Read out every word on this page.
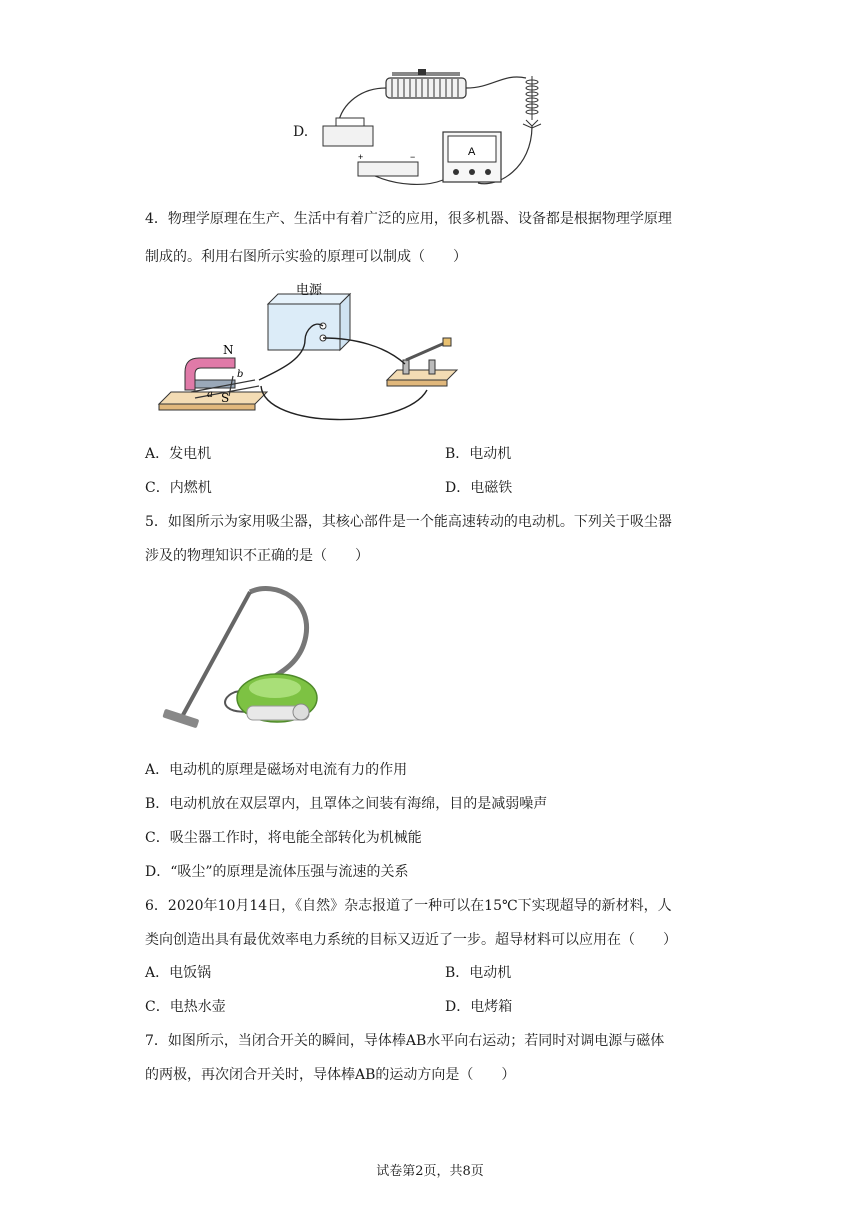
D.
+	−	A
4．物理学原理在生产、生活中有着广泛的应用，很多机器、设备都是根据物理学原理
制成的。利用右图所示实验的原理可以制成（　　）
电源
N
S
a
b
A．发电机	B．电动机
C．内燃机	D．电磁铁
5．如图所示为家用吸尘器，其核心部件是一个能高速转动的电动机。下列关于吸尘器
涉及的物理知识不正确的是（　　）
A．电动机的原理是磁场对电流有力的作用
B．电动机放在双层罩内，且罩体之间装有海绵，目的是减弱噪声
C．吸尘器工作时，将电能全部转化为机械能
D．“吸尘”的原理是流体压强与流速的关系
6．2020年10月14日，《自然》杂志报道了一种可以在15℃下实现超导的新材料，人
类向创造出具有最优效率电力系统的目标又迈近了一步。超导材料可以应用在（　　）
A．电饭锅	B．电动机
C．电热水壶	D．电烤箱
7．如图所示，当闭合开关的瞬间，导体棒AB水平向右运动；若同时对调电源与磁体
的两极，再次闭合开关时，导体棒AB的运动方向是（　　）
试卷第2页，共8页
